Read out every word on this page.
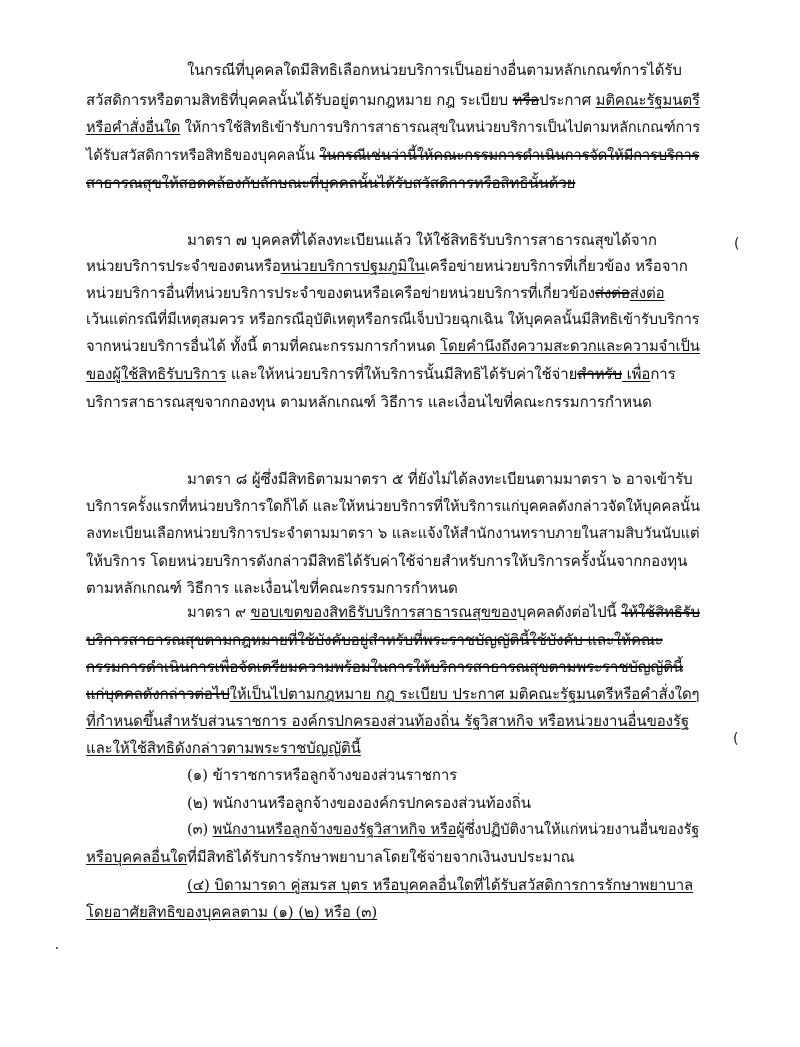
ในกรณีที่บุคคลใดมีสิทธิเลือกหน่วยบริการเป็นอย่างอื่นตามหลักเกณฑ์การได้รับ
สวัสดิการหรือตามสิทธิที่บุคคลนั้นได้รับอยู่ตามกฎหมาย กฎ ระเบียบ หรือประกาศ มติคณะรัฐมนตรี
หรือคำสั่งอื่นใด ให้การใช้สิทธิเข้ารับการบริการสาธารณสุขในหน่วยบริการเป็นไปตามหลักเกณฑ์การ
ได้รับสวัสดิการหรือสิทธิของบุคคลนั้น ในกรณีเช่นว่านี้ให้คณะกรรมการดำเนินการจัดให้มีการบริการ
สาธารณสุขให้สอดคล้องกับลักษณะที่บุคคลนั้นได้รับสวัสดิการหรือสิทธินั้นด้วย
มาตรา ๗ บุคคลที่ได้ลงทะเบียนแล้ว ให้ใช้สิทธิรับบริการสาธารณสุขได้จาก
หน่วยบริการประจำของตนหรือหน่วยบริการปฐมภูมิในเครือข่ายหน่วยบริการที่เกี่ยวข้อง หรือจาก
หน่วยบริการอื่นที่หน่วยบริการประจำของตนหรือเครือข่ายหน่วยบริการที่เกี่ยวข้องส่งต่อส่งต่อ
เว้นแต่กรณีที่มีเหตุสมควร หรือกรณีอุบัติเหตุหรือกรณีเจ็บป่วยฉุกเฉิน ให้บุคคลนั้นมีสิทธิเข้ารับบริการ
จากหน่วยบริการอื่นได้ ทั้งนี้ ตามที่คณะกรรมการกำหนด โดยคำนึงถึงความสะดวกและความจำเป็น
ของผู้ใช้สิทธิรับบริการ และให้หน่วยบริการที่ให้บริการนั้นมีสิทธิได้รับค่าใช้จ่ายสำหรับ เพื่อการ
บริการสาธารณสุขจากกองทุน ตามหลักเกณฑ์ วิธีการ และเงื่อนไขที่คณะกรรมการกำหนด
มาตรา ๘ ผู้ซึ่งมีสิทธิตามมาตรา ๕ ที่ยังไม่ได้ลงทะเบียนตามมาตรา ๖ อาจเข้ารับ
บริการครั้งแรกที่หน่วยบริการใดก็ได้ และให้หน่วยบริการที่ให้บริการแก่บุคคลดังกล่าวจัดให้บุคคลนั้น
ลงทะเบียนเลือกหน่วยบริการประจำตามมาตรา ๖ และแจ้งให้สำนักงานทราบภายในสามสิบวันนับแต่
ให้บริการ โดยหน่วยบริการดังกล่าวมีสิทธิได้รับค่าใช้จ่ายสำหรับการให้บริการครั้งนั้นจากกองทุน
ตามหลักเกณฑ์ วิธีการ และเงื่อนไขที่คณะกรรมการกำหนด
มาตรา ๙ ขอบเขตของสิทธิรับบริการสาธารณสุขของบุคคลดังต่อไปนี้ ให้ใช้สิทธิรับ
บริการสาธารณสุขตามกฎหมายที่ใช้บังคับอยู่สำหรับที่พระราชบัญญัตินี้ใช้บังคับ และให้คณะ
กรรมการดำเนินการเพื่อจัดเตรียมความพร้อมในการให้บริการสาธารณสุขตามพระราชบัญญัตินี้
แก่บุคคลดังกล่าวต่อไปให้เป็นไปตามกฎหมาย กฎ ระเบียบ ประกาศ มติคณะรัฐมนตรีหรือคำสั่งใดๆ
ที่กำหนดขึ้นสำหรับส่วนราชการ องค์กรปกครองส่วนท้องถิ่น รัฐวิสาหกิจ หรือหน่วยงานอื่นของรัฐ
และให้ใช้สิทธิดังกล่าวตามพระราชบัญญัตินี้
(๑) ข้าราชการหรือลูกจ้างของส่วนราชการ
(๒) พนักงานหรือลูกจ้างขององค์กรปกครองส่วนท้องถิ่น
(๓) พนักงานหรือลูกจ้างของรัฐวิสาหกิจ หรือผู้ซึ่งปฏิบัติงานให้แก่หน่วยงานอื่นของรัฐ
หรือบุคคลอื่นใดที่มีสิทธิได้รับการรักษาพยาบาลโดยใช้จ่ายจากเงินงบประมาณ
(๔) บิดามารดา คู่สมรส บุตร หรือบุคคลอื่นใดที่ได้รับสวัสดิการการรักษาพยาบาล
โดยอาศัยสิทธิของบุคคลตาม (๑) (๒) หรือ (๓)
(
(
